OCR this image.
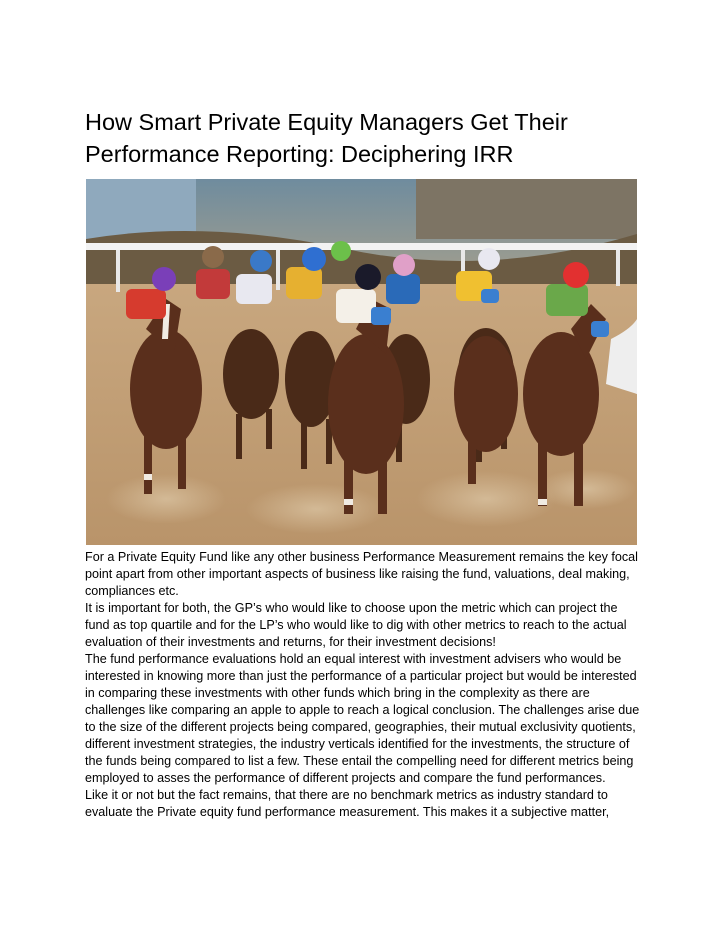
How Smart Private Equity Managers Get Their
Performance Reporting: Deciphering IRR

For a Private Equity Fund like any other business Performance Measurement remains the key focal point apart from other important aspects of business like raising the fund, valuations, deal making, compliances etc.

It is important for both, the GP’s who would like to choose upon the metric which can project the fund as top quartile and for the LP’s who would like to dig with other metrics to reach to the actual evaluation of their investments and returns, for their investment decisions!

The fund performance evaluations hold an equal interest with investment advisers who would be interested in knowing more than just the performance of a particular project but would be interested in comparing these investments with other funds which bring in the complexity as there are challenges like comparing an apple to apple to reach a logical conclusion. The challenges arise due to the size of the different projects being compared, geographies, their mutual exclusivity quotients, different investment strategies, the industry verticals identified for the investments, the structure of the funds being compared to list a few. These entail the compelling need for different metrics being employed to asses the performance of different projects and compare the fund performances.

Like it or not but the fact remains, that there are no benchmark metrics as industry standard to evaluate the Private equity fund performance measurement. This makes it a subjective matter,
